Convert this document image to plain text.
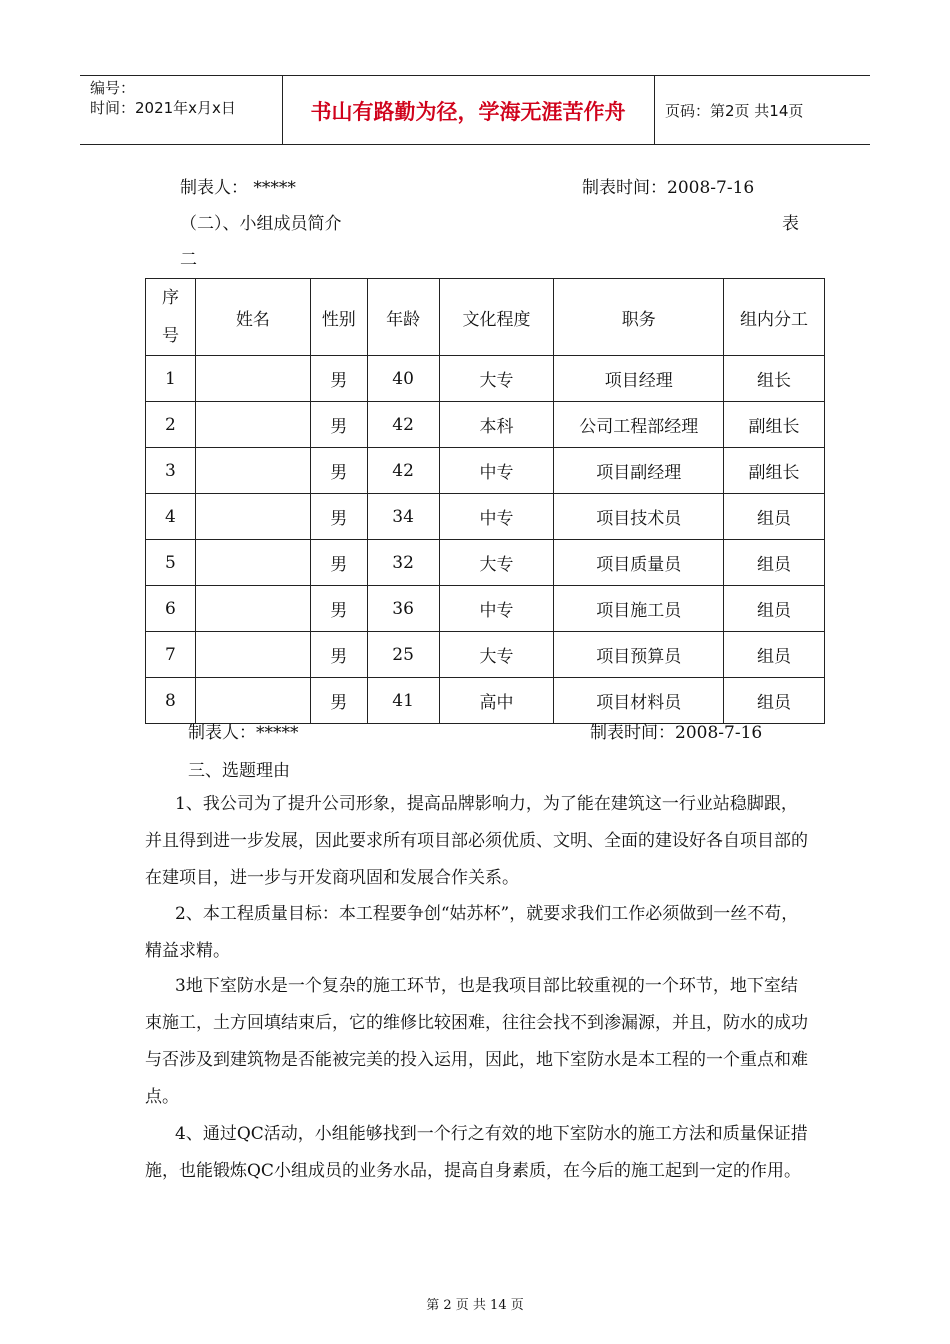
编号：
时间：2021年x月x日	书山有路勤为径，学海无涯苦作舟	页码：第2页 共14页
制表人： *****	制表时间：2008-7-16
（二）、小组成员简介	表
二
序号	姓名	性别	年龄	文化程度	职务	组内分工
1		男	40	大专	项目经理	组长
2		男	42	本科	公司工程部经理	副组长
3		男	42	中专	项目副经理	副组长
4		男	34	中专	项目技术员	组员
5		男	32	大专	项目质量员	组员
6		男	36	中专	项目施工员	组员
7		男	25	大专	项目预算员	组员
8		男	41	高中	项目材料员	组员
制表人：*****	制表时间：2008-7-16
三、选题理由
1、我公司为了提升公司形象，提高品牌影响力，为了能在建筑这一行业站稳脚跟，并且得到进一步发展，因此要求所有项目部必须优质、文明、全面的建设好各自项目部的在建项目，进一步与开发商巩固和发展合作关系。
2、本工程质量目标：本工程要争创“姑苏杯”，就要求我们工作必须做到一丝不苟，精益求精。
3地下室防水是一个复杂的施工环节，也是我项目部比较重视的一个环节，地下室结束施工，土方回填结束后，它的维修比较困难，往往会找不到渗漏源，并且，防水的成功与否涉及到建筑物是否能被完美的投入运用，因此，地下室防水是本工程的一个重点和难点。
4、通过QC活动，小组能够找到一个行之有效的地下室防水的施工方法和质量保证措施，也能锻炼QC小组成员的业务水品，提高自身素质，在今后的施工起到一定的作用。
第 2 页 共 14 页
